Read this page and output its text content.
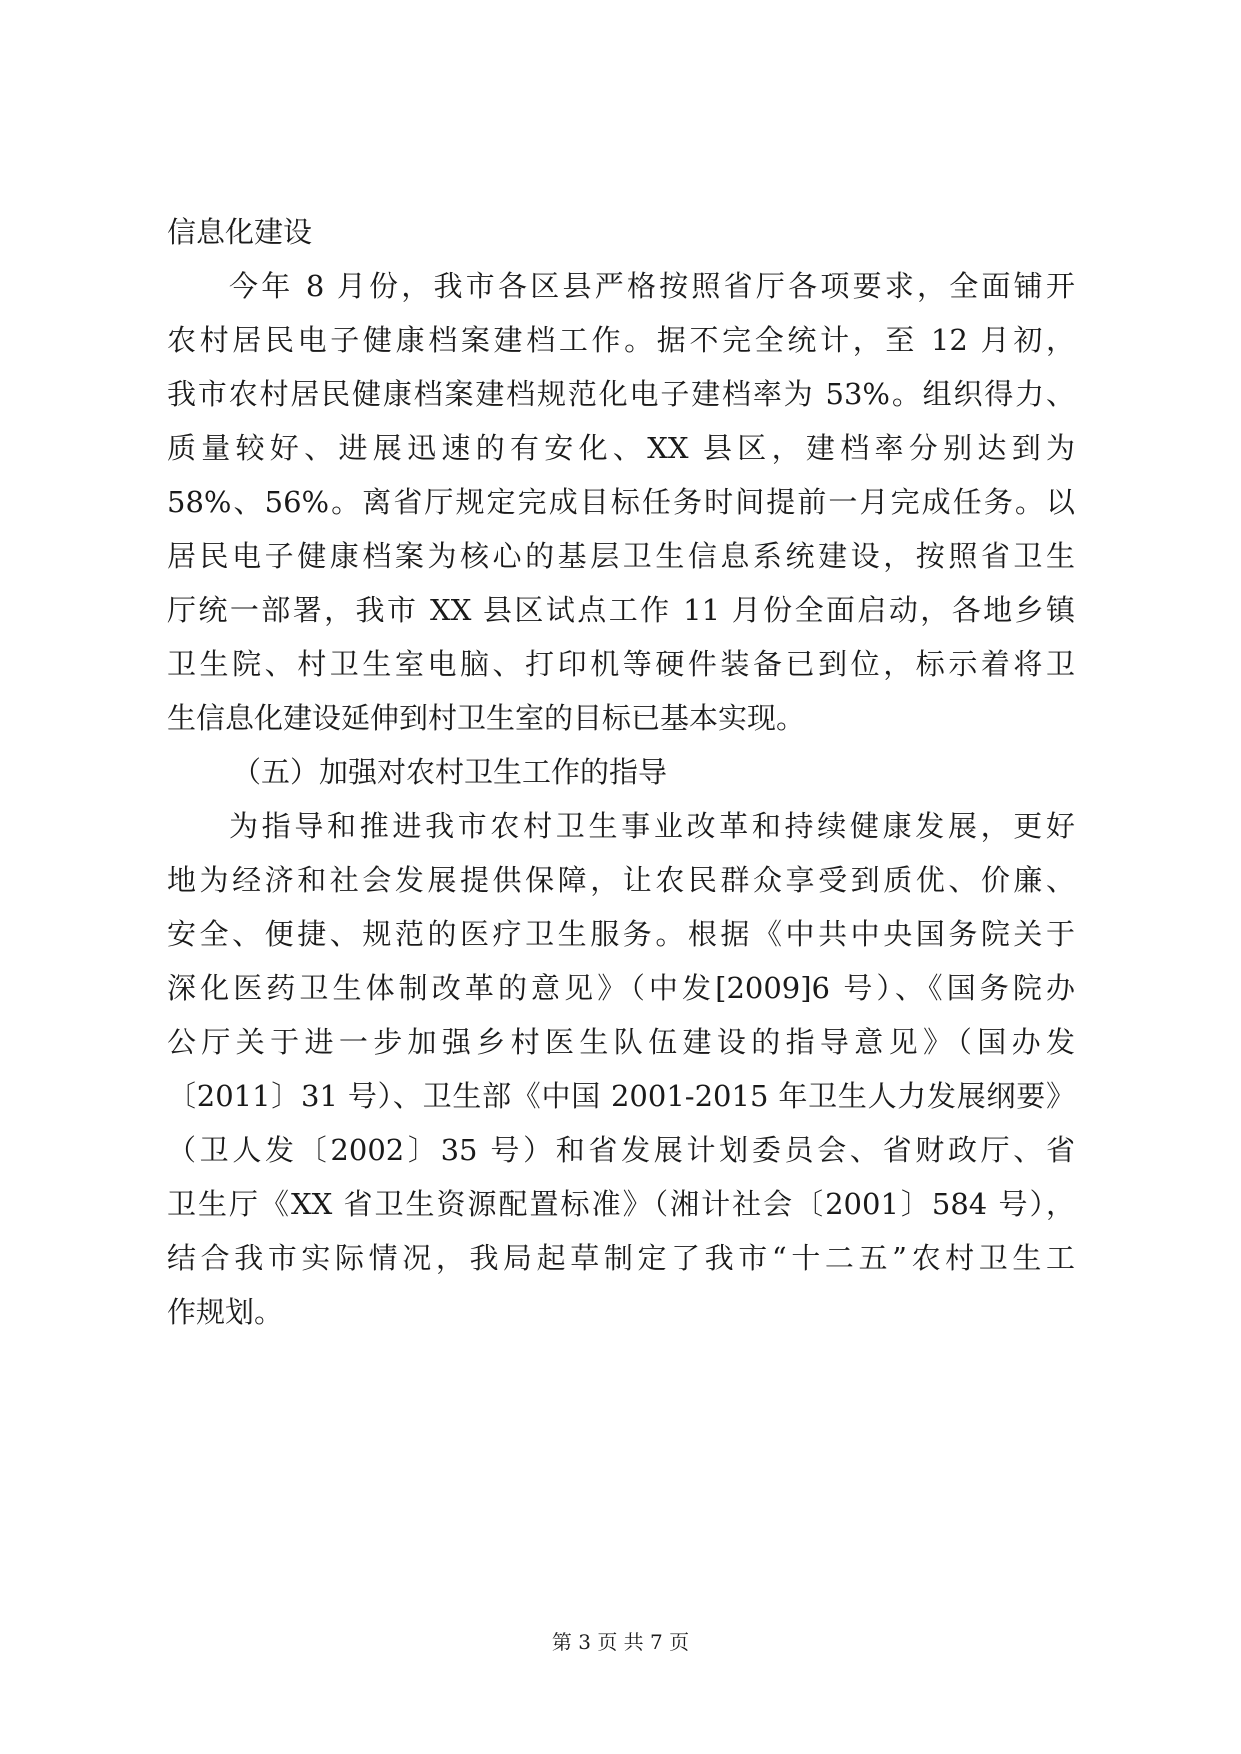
信息化建设
今年 8 月份，我市各区县严格按照省厅各项要求，全面铺开
农村居民电子健康档案建档工作。据不完全统计，至 12 月初，
我市农村居民健康档案建档规范化电子建档率为 53%。组织得力、
质量较好、进展迅速的有安化、XX 县区，建档率分别达到为
58%、56%。离省厅规定完成目标任务时间提前一月完成任务。以
居民电子健康档案为核心的基层卫生信息系统建设，按照省卫生
厅统一部署，我市 XX 县区试点工作 11 月份全面启动，各地乡镇
卫生院、村卫生室电脑、打印机等硬件装备已到位，标示着将卫
生信息化建设延伸到村卫生室的目标已基本实现。
（五）加强对农村卫生工作的指导
为指导和推进我市农村卫生事业改革和持续健康发展，更好
地为经济和社会发展提供保障，让农民群众享受到质优、价廉、
安全、便捷、规范的医疗卫生服务。根据《中共中央国务院关于
深化医药卫生体制改革的意见》（中发[2009]6 号）、《国务院办
公厅关于进一步加强乡村医生队伍建设的指导意见》（国办发
〔2011〕31 号）、卫生部《中国 2001-2015 年卫生人力发展纲要》
（卫人发〔2002〕35 号）和省发展计划委员会、省财政厅、省
卫生厅《XX 省卫生资源配置标准》（湘计社会〔2001〕584 号），
结合我市实际情况，我局起草制定了我市“十二五”农村卫生工
作规划。
第 3 页 共 7 页
